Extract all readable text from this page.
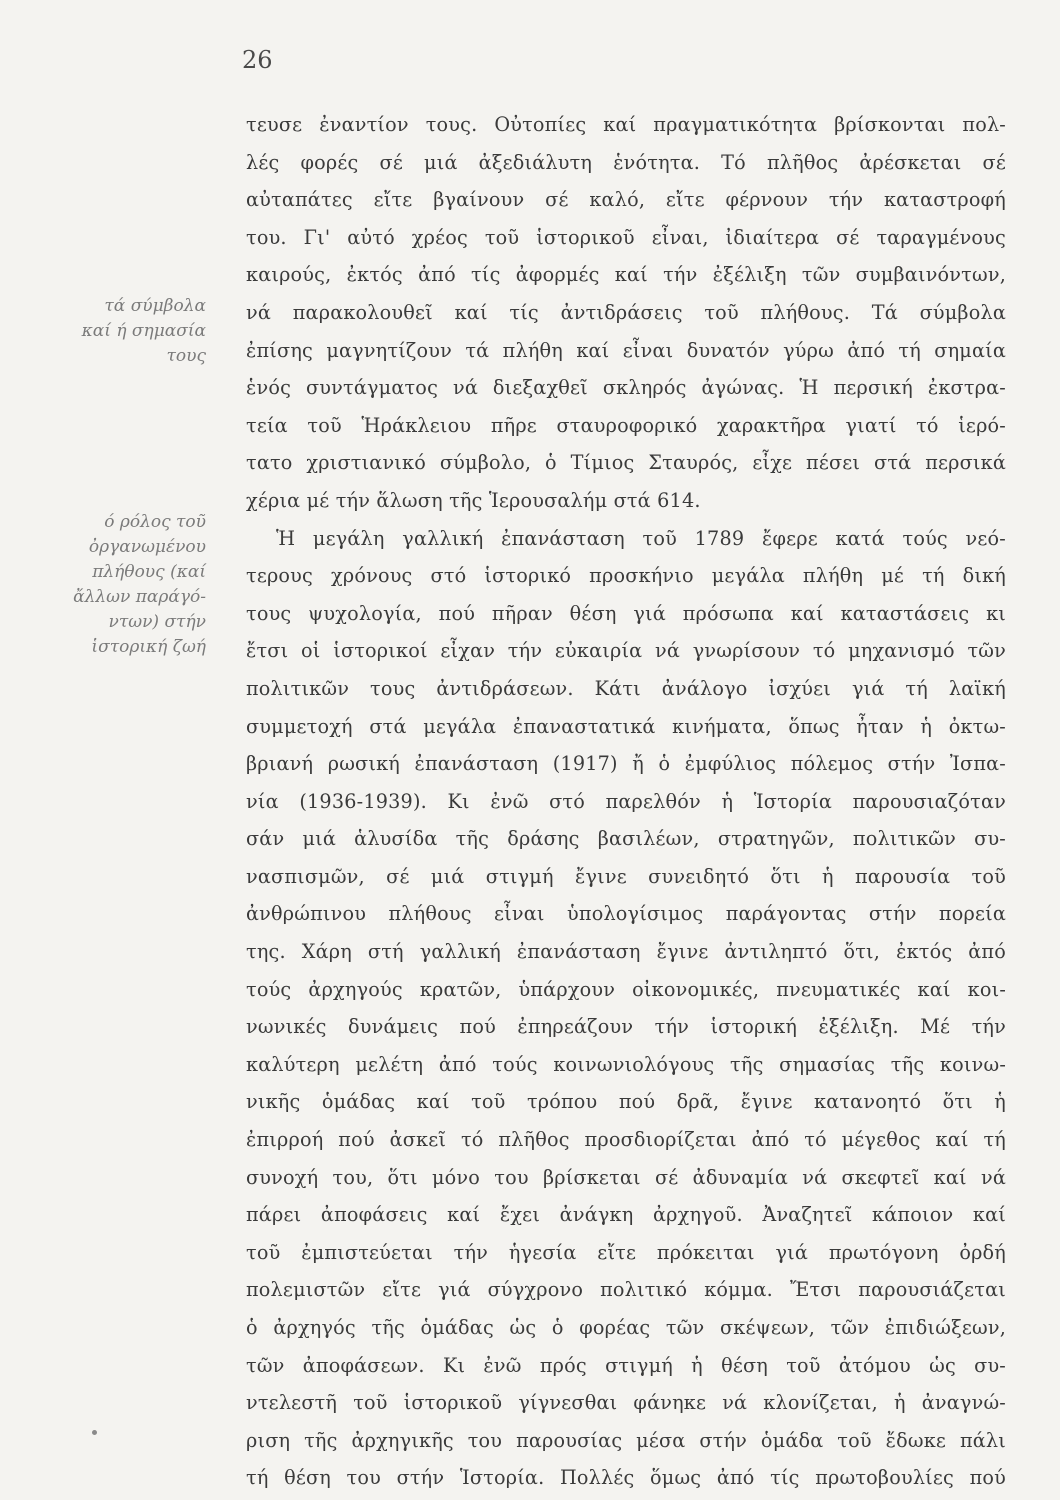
26
τά σύμβολα
καί ή σημασία
τους
ό ρόλος τοῦ
ὀργανωμένου
πλήθους (καί
ἄλλων παράγό-
ντων) στήν
ἱστορική ζωή
τευσε ἐναντίον τους. Οὐτοπίες καί πραγματικότητα βρίσκονται πολ-
λές φορές σέ μιά ἀξεδιάλυτη ἑνότητα. Τό πλῆθος ἀρέσκεται σέ
αὐταπάτες εἴτε βγαίνουν σέ καλό, εἴτε φέρνουν τήν καταστροφή
του. Γι' αὐτό χρέος τοῦ ἱστορικοῦ εἶναι, ἰδιαίτερα σέ ταραγμένους
καιρούς, ἐκτός ἀπό τίς ἀφορμές καί τήν ἐξέλιξη τῶν συμβαινόντων,
νά παρακολουθεῖ καί τίς ἀντιδράσεις τοῦ πλήθους. Τά σύμβολα
ἐπίσης μαγνητίζουν τά πλήθη καί εἶναι δυνατόν γύρω ἀπό τή σημαία
ἑνός συντάγματος νά διεξαχθεῖ σκληρός ἀγώνας. Ἡ περσική ἐκστρα-
τεία τοῦ Ἡράκλειου πῆρε σταυροφορικό χαρακτῆρα γιατί τό ἱερό-
τατο χριστιανικό σύμβολο, ὁ Τίμιος Σταυρός, εἶχε πέσει στά περσικά
χέρια μέ τήν ἅλωση τῆς Ἱερουσαλήμ στά 614.
Ἡ μεγάλη γαλλική ἐπανάσταση τοῦ 1789 ἔφερε κατά τούς νεό-
τερους χρόνους στό ἱστορικό προσκήνιο μεγάλα πλήθη μέ τή δική
τους ψυχολογία, πού πῆραν θέση γιά πρόσωπα καί καταστάσεις κι
ἔτσι οἱ ἱστορικοί εἶχαν τήν εὐκαιρία νά γνωρίσουν τό μηχανισμό τῶν
πολιτικῶν τους ἀντιδράσεων. Κάτι ἀνάλογο ἰσχύει γιά τή λαϊκή
συμμετοχή στά μεγάλα ἐπαναστατικά κινήματα, ὅπως ἦταν ἡ ὀκτω-
βριανή ρωσική ἐπανάσταση (1917) ἤ ὁ ἐμφύλιος πόλεμος στήν Ἰσπα-
νία (1936-1939). Κι ἐνῶ στό παρελθόν ἡ Ἱστορία παρουσιαζόταν
σάν μιά ἁλυσίδα τῆς δράσης βασιλέων, στρατηγῶν, πολιτικῶν συ-
νασπισμῶν, σέ μιά στιγμή ἔγινε συνειδητό ὅτι ἡ παρουσία τοῦ
ἀνθρώπινου πλήθους εἶναι ὑπολογίσιμος παράγοντας στήν πορεία
της. Χάρη στή γαλλική ἐπανάσταση ἔγινε ἀντιληπτό ὅτι, ἐκτός ἀπό
τούς ἀρχηγούς κρατῶν, ὑπάρχουν οἰκονομικές, πνευματικές καί κοι-
νωνικές δυνάμεις πού ἐπηρεάζουν τήν ἱστορική ἐξέλιξη. Μέ τήν
καλύτερη μελέτη ἀπό τούς κοινωνιολόγους τῆς σημασίας τῆς κοινω-
νικῆς ὁμάδας καί τοῦ τρόπου πού δρᾶ, ἔγινε κατανοητό ὅτι ἡ
ἐπιρροή πού ἀσκεῖ τό πλῆθος προσδιορίζεται ἀπό τό μέγεθος καί τή
συνοχή του, ὅτι μόνο του βρίσκεται σέ ἀδυναμία νά σκεφτεῖ καί νά
πάρει ἀποφάσεις καί ἔχει ἀνάγκη ἀρχηγοῦ. Ἀναζητεῖ κάποιον καί
τοῦ ἐμπιστεύεται τήν ἡγεσία εἴτε πρόκειται γιά πρωτόγονη ὀρδή
πολεμιστῶν εἴτε γιά σύγχρονο πολιτικό κόμμα. Ἔτσι παρουσιάζεται
ὁ ἀρχηγός τῆς ὁμάδας ὡς ὁ φορέας τῶν σκέψεων, τῶν ἐπιδιώξεων,
τῶν ἀποφάσεων. Κι ἐνῶ πρός στιγμή ἡ θέση τοῦ ἀτόμου ὡς συ-
ντελεστῆ τοῦ ἱστορικοῦ γίγνεσθαι φάνηκε νά κλονίζεται, ἡ ἀναγνώ-
ριση τῆς ἀρχηγικῆς του παρουσίας μέσα στήν ὁμάδα τοῦ ἔδωκε πάλι
τή θέση του στήν Ἱστορία. Πολλές ὅμως ἀπό τίς πρωτοβουλίες πού
